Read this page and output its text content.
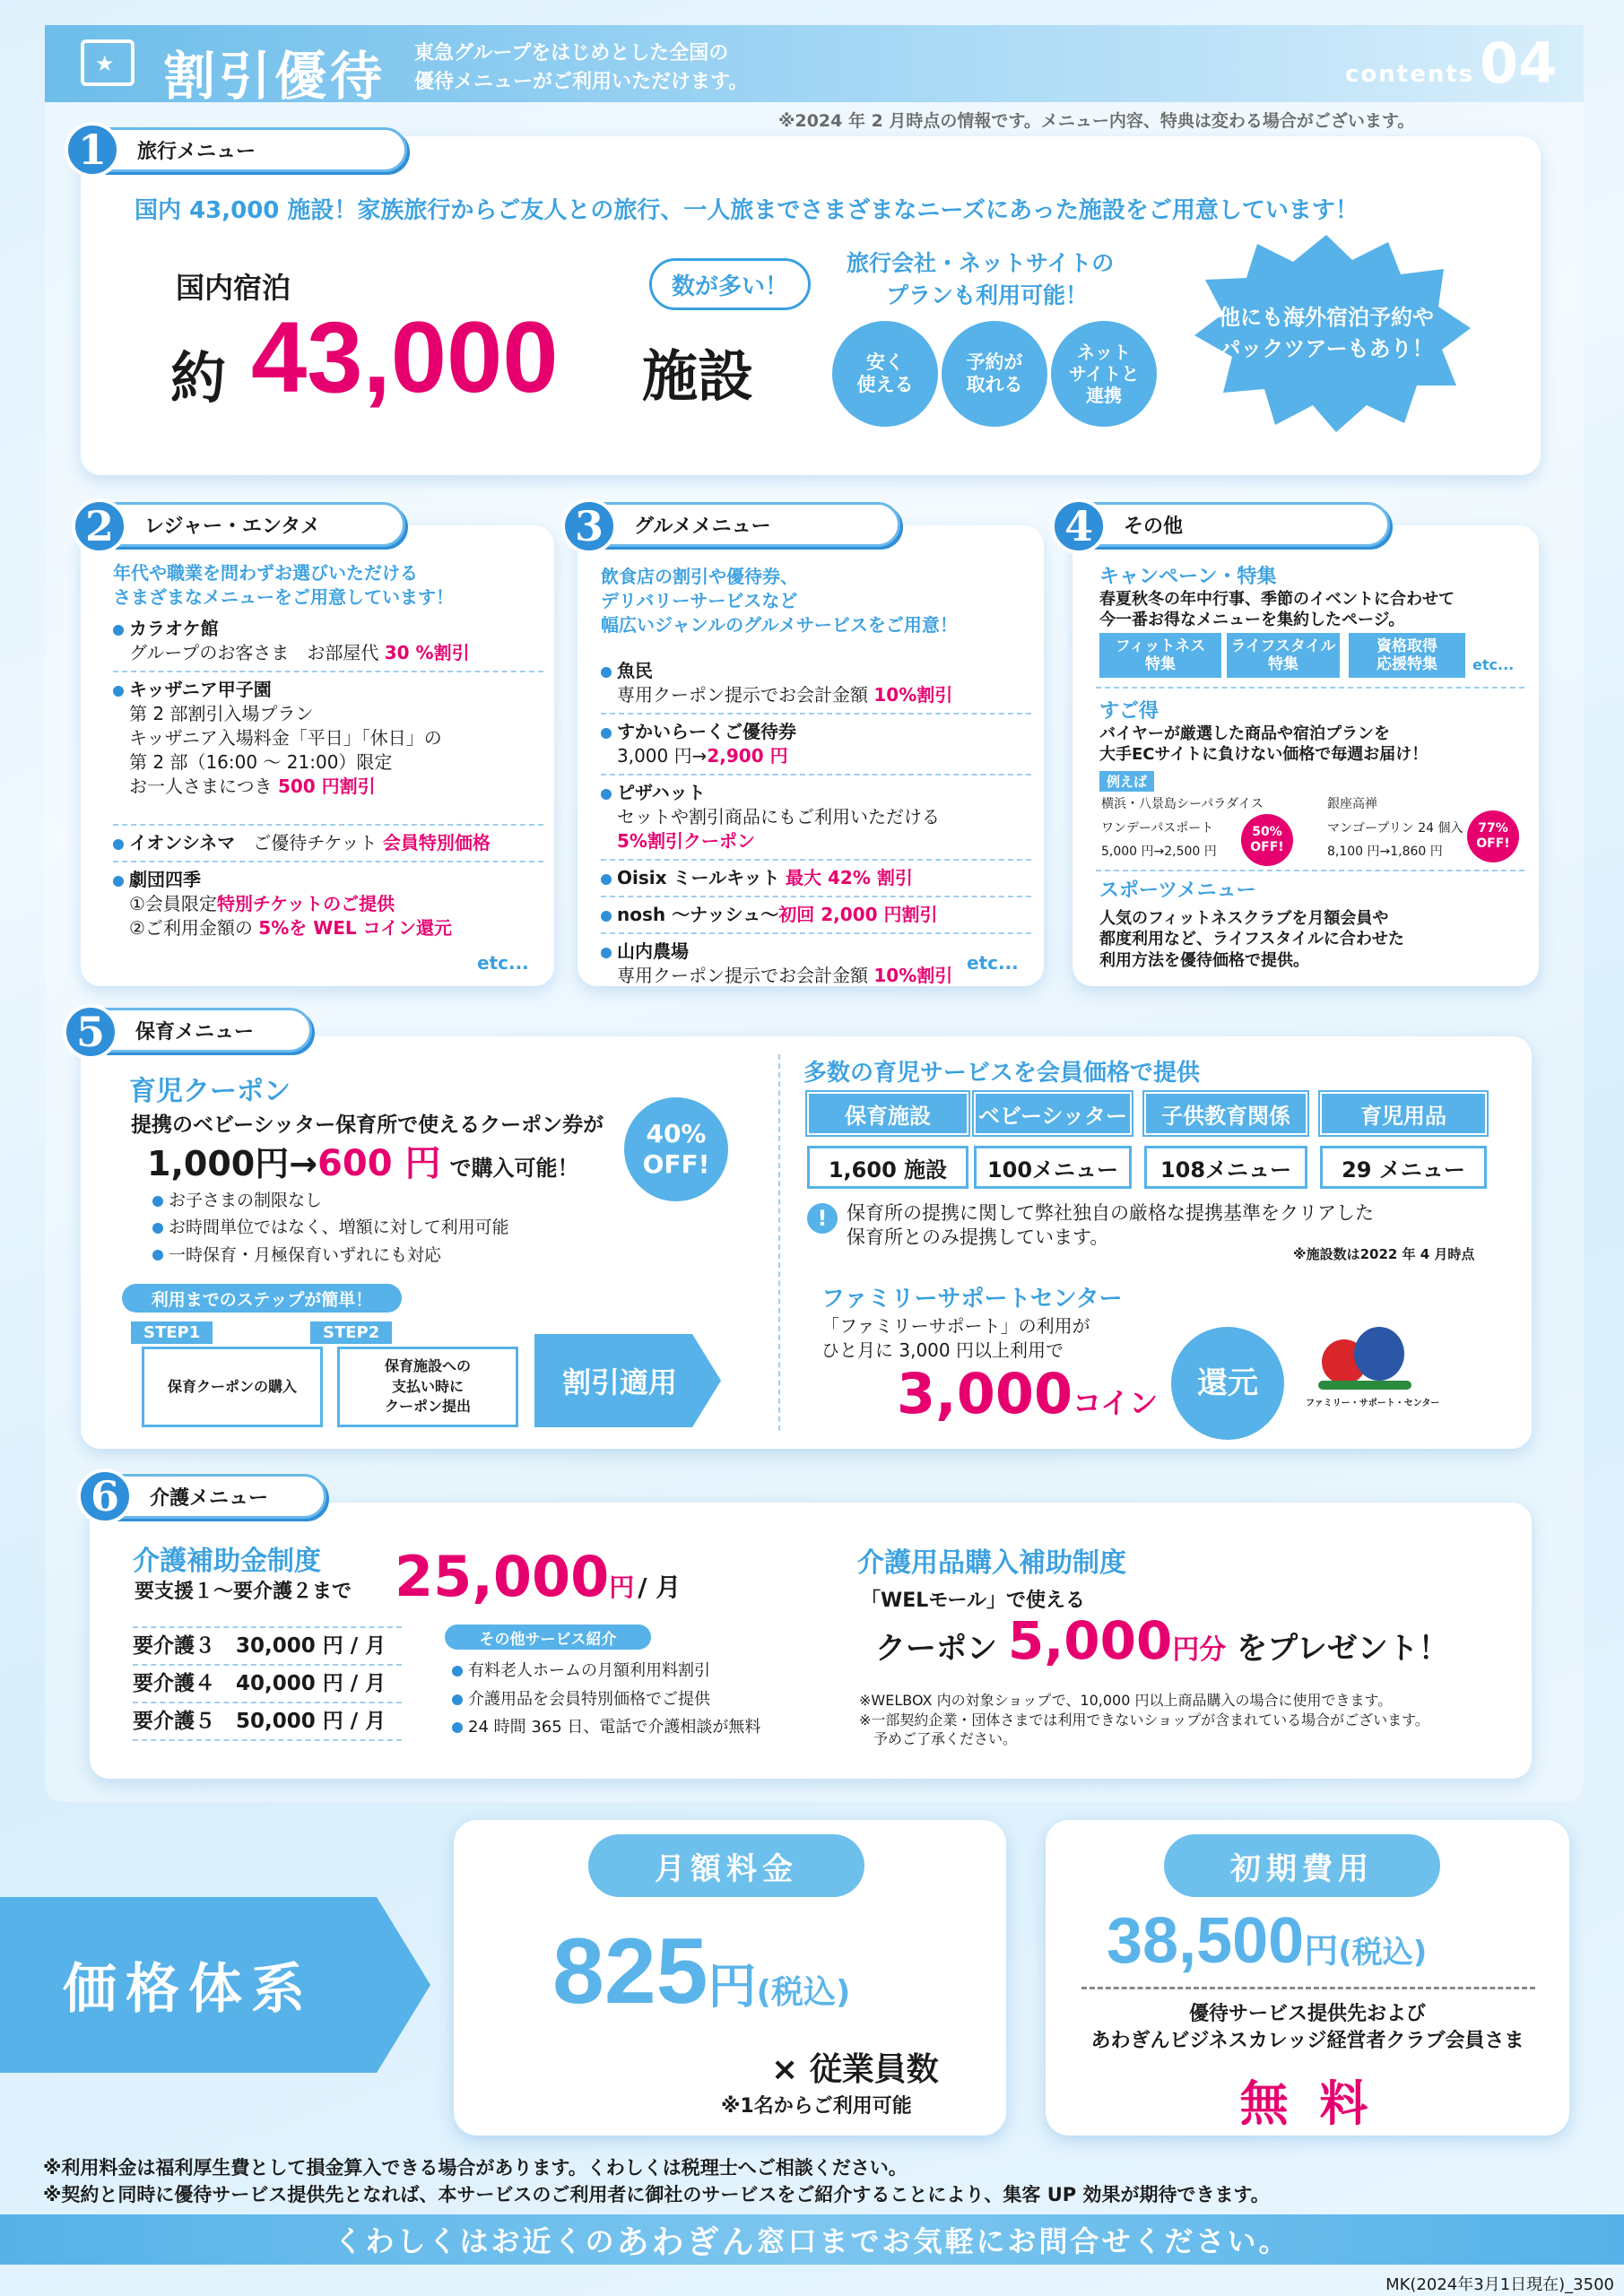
★ 割引優待 東急グループをはじめとした全国の
優待メニューがご利用いただけます。	contents 04
※2024 年 2 月時点の情報です。メニュー内容、特典は変わる場合がございます。
1	旅行メニュー
国内 43,000 施設！家族旅行からご友人との旅行、一人旅までさまざまなニーズにあった施設をご用意しています！
国内宿泊
約 43,000 施設
数が多い！
旅行会社・ネットサイトの
プランも利用可能！
安く
使える
予約が
取れる
ネット
サイトと
連携
他にも海外宿泊予約や
パックツアーもあり！
2	レジャー・エンタメ
年代や職業を問わずお選びいただける
さまざまなメニューをご用意しています！
カラオケ館
グループのお客さま　お部屋代 30 %割引
キッザニア甲子園
第 2 部割引入場プラン
キッザニア入場料金「平日」「休日」の
第 2 部（16:00 ～ 21:00）限定
お一人さまにつき 500 円割引
イオンシネマ　ご優待チケット 会員特別価格
劇団四季
①会員限定特別チケットのご提供
②ご利用金額の 5%を WEL コイン還元
etc...
3	グルメメニュー
飲食店の割引や優待券、
デリバリーサービスなど
幅広いジャンルのグルメサービスをご用意！
魚民
専用クーポン提示でお会計金額 10%割引
すかいらーくご優待券
3,000 円→2,900 円
ピザハット
セットや割引商品にもご利用いただける
5%割引クーポン
Oisix ミールキット 最大 42% 割引
nosh ～ナッシュ～初回 2,000 円割引
山内農場
専用クーポン提示でお会計金額 10%割引
etc...
4	その他
キャンペーン・特集
春夏秋冬の年中行事、季節のイベントに合わせて
今一番お得なメニューを集約したページ。
フィットネス
特集
ライフスタイル
特集
資格取得
応援特集	etc...
すご得
バイヤーが厳選した商品や宿泊プランを
大手ECサイトに負けない価格で毎週お届け！
例えば
横浜・八景島シーパラダイス
ワンデーパスポート
5,000 円→2,500 円
50%
OFF!
銀座高禅
マンゴープリン 24 個入
8,100 円→1,860 円
77%
OFF!
スポーツメニュー
人気のフィットネスクラブを月額会員や
都度利用など、ライフスタイルに合わせた
利用方法を優待価格で提供。
5	保育メニュー
育児クーポン
提携のベビーシッター保育所で使えるクーポン券が
1,000円→600 円 で購入可能！
40%
OFF!
お子さまの制限なし
お時間単位ではなく、増額に対して利用可能
一時保育・月極保育いずれにも対応
利用までのステップが簡単！
STEP1
保育クーポンの購入
STEP2
保育施設への
支払い時に
クーポン提出
割引適用
多数の育児サービスを会員価格で提供
保育施設	ベビーシッター	子供教育関係	育児用品
1,600 施設	100メニュー	108メニュー	29 メニュー
!	保育所の提携に関して弊社独自の厳格な提携基準をクリアした
保育所とのみ提携しています。
※施設数は2022 年 4 月時点
ファミリーサポートセンター
「ファミリーサポート」の利用が
ひと月に 3,000 円以上利用で
3,000コイン
還元
ファミリー・サポート・センター
6	介護メニュー
介護補助金制度
要支援１～要介護２まで 25,000円 / 月
要介護３　30,000 円 / 月
要介護４　40,000 円 / 月
要介護５　50,000 円 / 月
その他サービス紹介
有料老人ホームの月額利用料割引
介護用品を会員特別価格でご提供
24 時間 365 日、電話で介護相談が無料
介護用品購入補助制度
「WELモール」で使える
クーポン 5,000円分 をプレゼント！
※WELBOX 内の対象ショップで、10,000 円以上商品購入の場合に使用できます。
※一部契約企業・団体さまでは利用できないショップが含まれている場合がございます。
　予めご了承ください。
価格体系
月額料金
825円(税込)
× 従業員数
※1名からご利用可能
初期費用
38,500円(税込)
優待サービス提供先および
あわぎんビジネスカレッジ経営者クラブ会員さま
無 料
※利用料金は福利厚生費として損金算入できる場合があります。くわしくは税理士へご相談ください。
※契約と同時に優待サービス提供先となれば、本サービスのご利用者に御社のサービスをご紹介することにより、集客 UP 効果が期待できます。
くわしくはお近くの あわぎん 窓口までお気軽にお問合せください。
MK(2024年3月1日現在)_3500
